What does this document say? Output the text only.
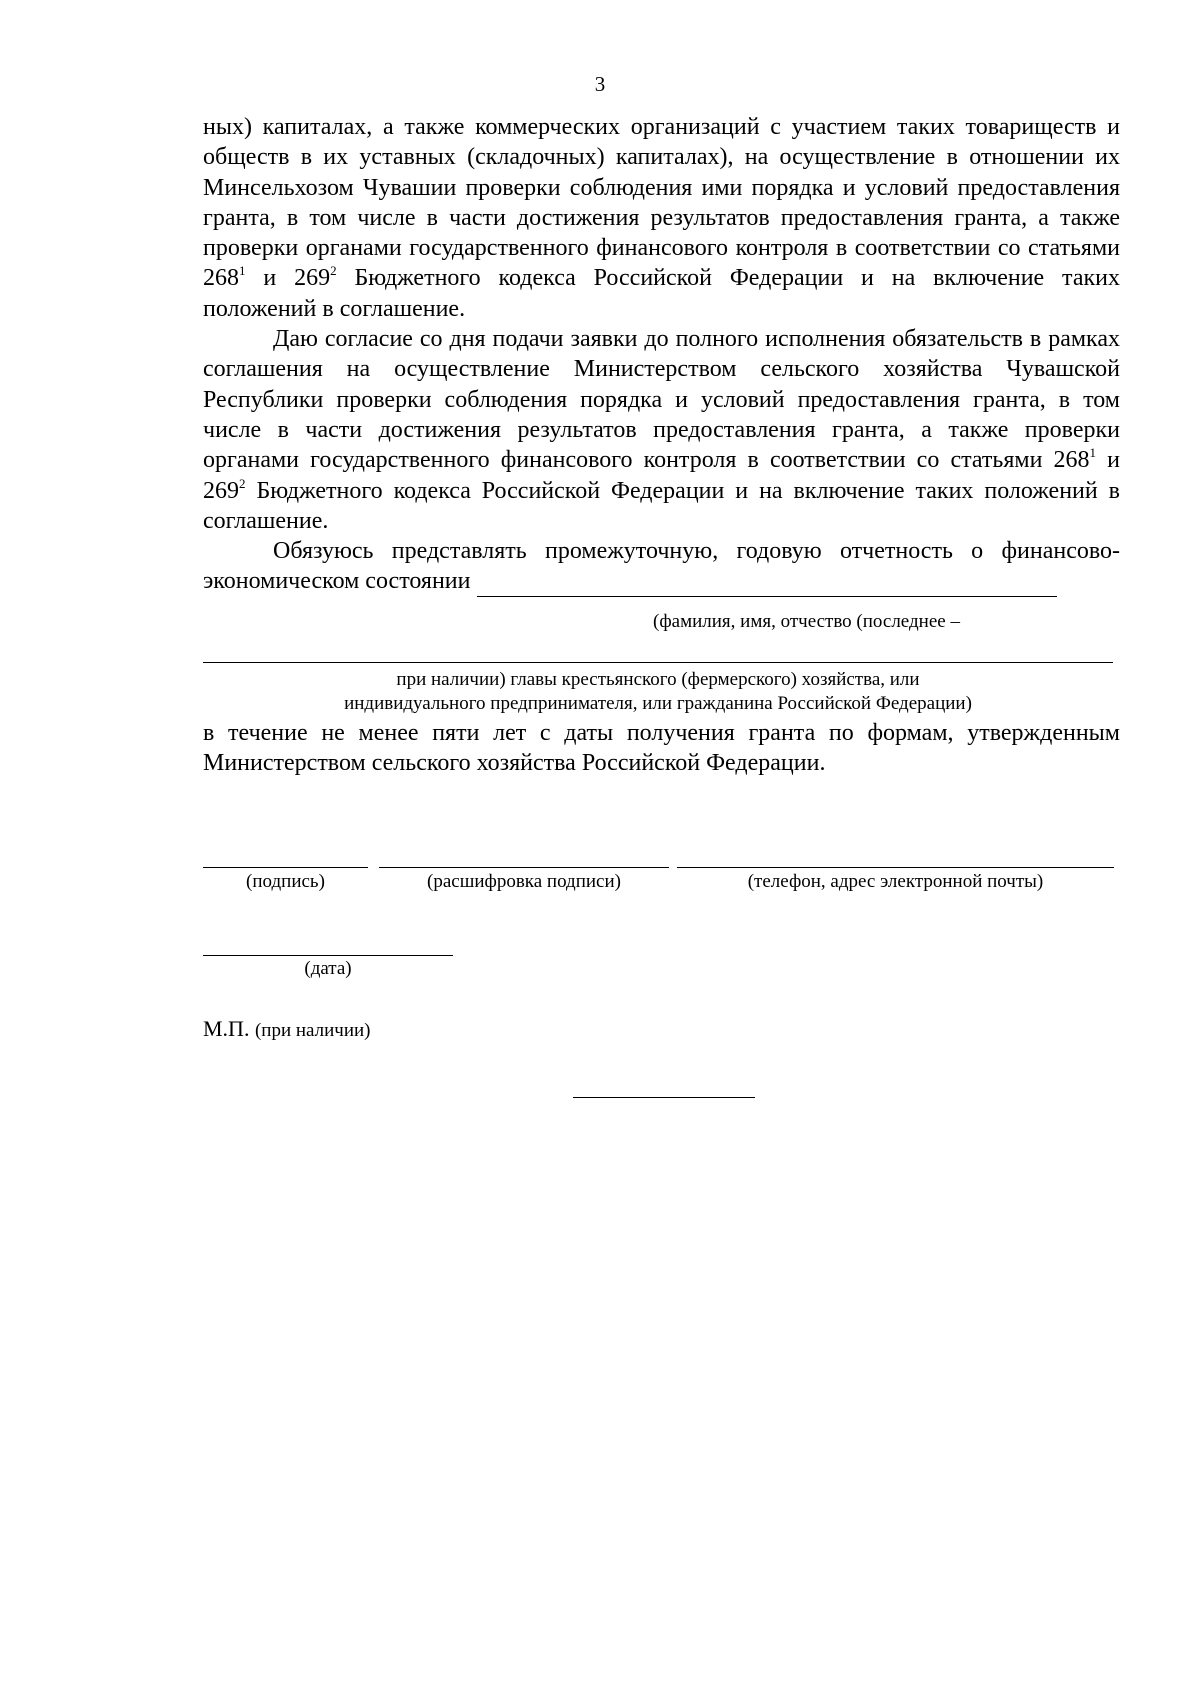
3

ных) капиталах, а также коммерческих организаций с участием таких товариществ и обществ в их уставных (складочных) капиталах), на осуществление в отношении их Минсельхозом Чувашии проверки соблюдения ими порядка и условий предоставления гранта, в том числе в части достижения результатов предоставления гранта, а также проверки органами государственного финансового контроля в соответствии со статьями $268^1$ и $269^2$ Бюджетного кодекса Российской Федерации и на включение таких положений в соглашение.

Даю согласие со дня подачи заявки до полного исполнения обязательств в рамках соглашения на осуществление Министерством сельского хозяйства Чувашской Республики проверки соблюдения порядка и условий предоставления гранта, в том числе в части достижения результатов предоставления гранта, а также проверки органами государственного финансового контроля в соответствии со статьями $268^1$ и $269^2$ Бюджетного кодекса Российской Федерации и на включение таких положений в соглашение.

Обязуюсь представлять промежуточную, годовую отчетность о финансово-экономическом состоянии

(фамилия, имя, отчество (последнее –
при наличии) главы крестьянского (фермерского) хозяйства, или
индивидуального предпринимателя, или гражданина Российской Федерации)

в течение не менее пяти лет с даты получения гранта по формам, утвержденным Министерством сельского хозяйства Российской Федерации.

(подпись)	(расшифровка подписи)	(телефон, адрес электронной почты)
(дата)
М.П. (при наличии)
